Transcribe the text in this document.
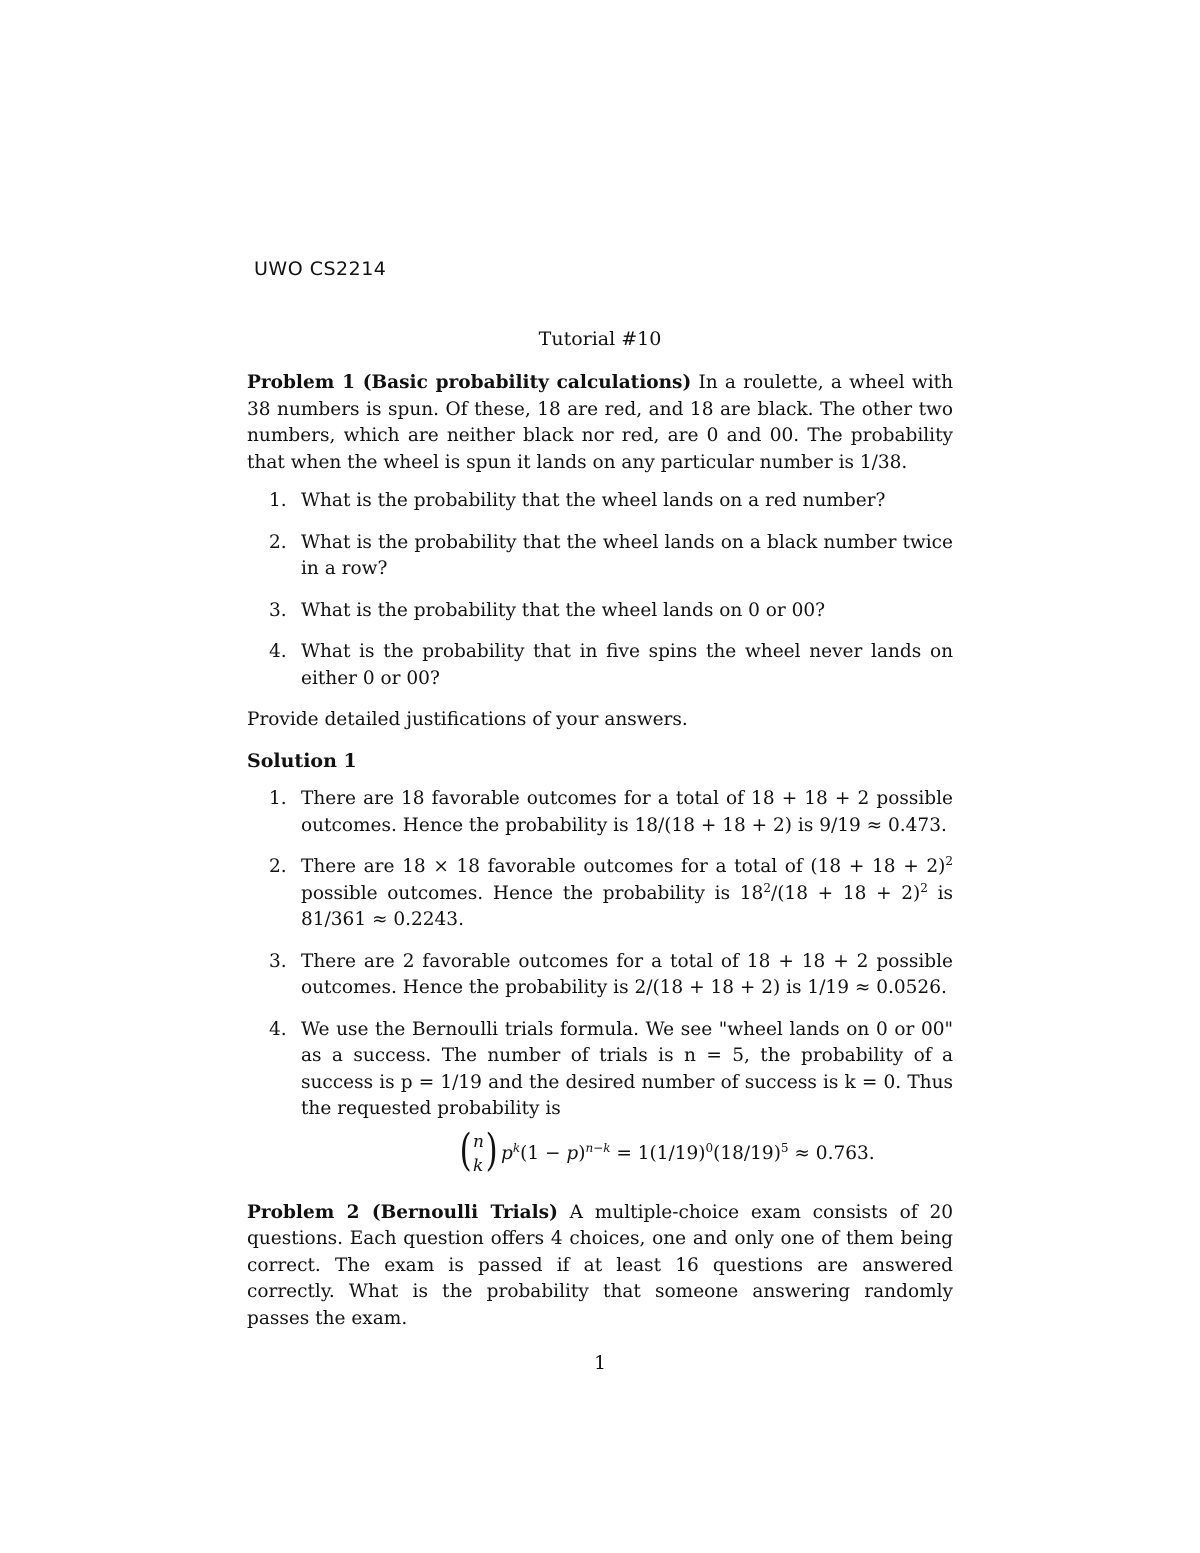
UWO CS2214
Tutorial #10

Problem 1 (Basic probability calculations) In a roulette, a wheel with 38 numbers is spun. Of these, 18 are red, and 18 are black. The other two numbers, which are neither black nor red, are 0 and 00. The probability that when the wheel is spun it lands on any particular number is 1/38.

1. What is the probability that the wheel lands on a red number?
2. What is the probability that the wheel lands on a black number twice in a row?
3. What is the probability that the wheel lands on 0 or 00?
4. What is the probability that in five spins the wheel never lands on either 0 or 00?

Provide detailed justifications of your answers.

Solution 1
1. There are 18 favorable outcomes for a total of 18 + 18 + 2 possible outcomes. Hence the probability is 18/(18 + 18 + 2) is 9/19 ≈ 0.473.
2. There are 18 × 18 favorable outcomes for a total of $(18 + 18 + 2)^2$ possible outcomes. Hence the probability is $18^2/(18 + 18 + 2)^2$ is 81/361 ≈ 0.2243.
3. There are 2 favorable outcomes for a total of 18 + 18 + 2 possible outcomes. Hence the probability is 2/(18 + 18 + 2) is 1/19 ≈ 0.0526.
4. We use the Bernoulli trials formula. We see "wheel lands on 0 or 00" as a success. The number of trials is n = 5, the probability of a success is p = 1/19 and the desired number of success is k = 0. Thus the requested probability is
( n
k ) $p^k(1 - p)^{n-k} = 1(1/19)^0(18/19)^5 \approx 0.763$.

Problem 2 (Bernoulli Trials) A multiple-choice exam consists of 20 questions. Each question offers 4 choices, one and only one of them being correct. The exam is passed if at least 16 questions are answered correctly. What is the probability that someone answering randomly passes the exam.

1
